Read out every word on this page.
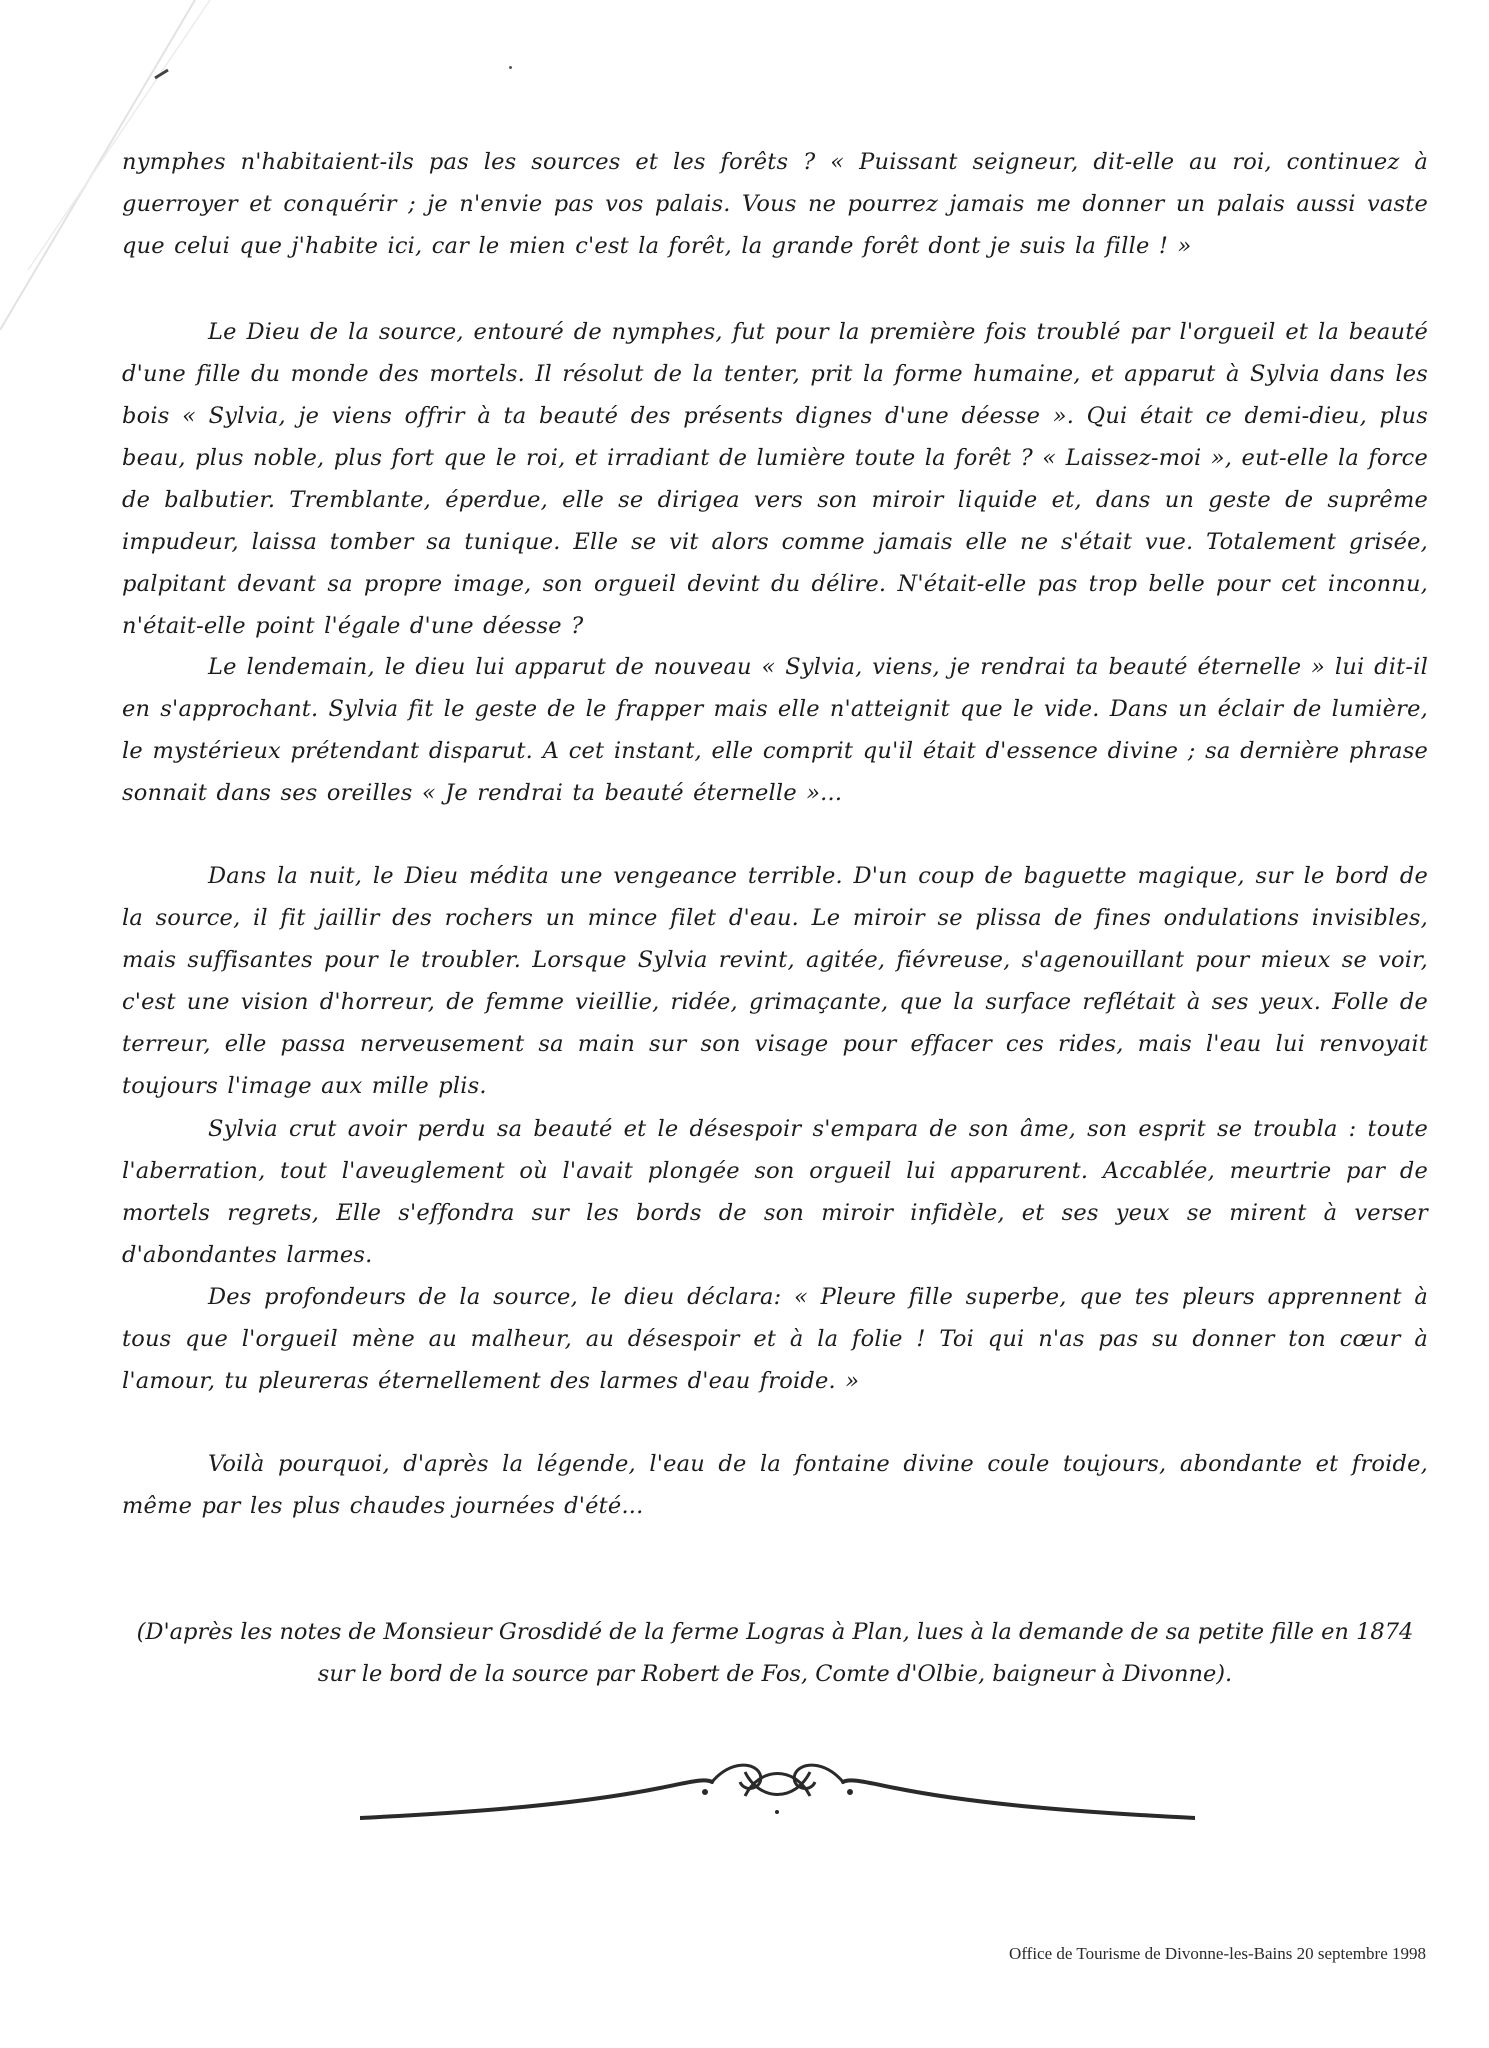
nymphes n'habitaient-ils pas les sources et les forêts ? « Puissant seigneur, dit-elle au roi, continuez à guerroyer et conquérir ; je n'envie pas vos palais. Vous ne pourrez jamais me donner un palais aussi vaste que celui que j'habite ici, car le mien c'est la forêt, la grande forêt dont je suis la fille ! »

Le Dieu de la source, entouré de nymphes, fut pour la première fois troublé par l'orgueil et la beauté d'une fille du monde des mortels. Il résolut de la tenter, prit la forme humaine, et apparut à Sylvia dans les bois « Sylvia, je viens offrir à ta beauté des présents dignes d'une déesse ». Qui était ce demi-dieu, plus beau, plus noble, plus fort que le roi, et irradiant de lumière toute la forêt ? « Laissez-moi », eut-elle la force de balbutier. Tremblante, éperdue, elle se dirigea vers son miroir liquide et, dans un geste de suprême impudeur, laissa tomber sa tunique. Elle se vit alors comme jamais elle ne s'était vue. Totalement grisée, palpitant devant sa propre image, son orgueil devint du délire. N'était-elle pas trop belle pour cet inconnu, n'était-elle point l'égale d'une déesse ?

Le lendemain, le dieu lui apparut de nouveau « Sylvia, viens, je rendrai ta beauté éternelle » lui dit-il en s'approchant. Sylvia fit le geste de le frapper mais elle n'atteignit que le vide. Dans un éclair de lumière, le mystérieux prétendant disparut. A cet instant, elle comprit qu'il était d'essence divine ; sa dernière phrase sonnait dans ses oreilles « Je rendrai ta beauté éternelle »...

Dans la nuit, le Dieu médita une vengeance terrible. D'un coup de baguette magique, sur le bord de la source, il fit jaillir des rochers un mince filet d'eau. Le miroir se plissa de fines ondulations invisibles, mais suffisantes pour le troubler. Lorsque Sylvia revint, agitée, fiévreuse, s'agenouillant pour mieux se voir, c'est une vision d'horreur, de femme vieillie, ridée, grimaçante, que la surface reflétait à ses yeux. Folle de terreur, elle passa nerveusement sa main sur son visage pour effacer ces rides, mais l'eau lui renvoyait toujours l'image aux mille plis.

Sylvia crut avoir perdu sa beauté et le désespoir s'empara de son âme, son esprit se troubla : toute l'aberration, tout l'aveuglement où l'avait plongée son orgueil lui apparurent. Accablée, meurtrie par de mortels regrets, Elle s'effondra sur les bords de son miroir infidèle, et ses yeux se mirent à verser d'abondantes larmes.

Des profondeurs de la source, le dieu déclara: « Pleure fille superbe, que tes pleurs apprennent à tous que l'orgueil mène au malheur, au désespoir et à la folie ! Toi qui n'as pas su donner ton cœur à l'amour, tu pleureras éternellement des larmes d'eau froide. »

Voilà pourquoi, d'après la légende, l'eau de la fontaine divine coule toujours, abondante et froide, même par les plus chaudes journées d'été...

(D'après les notes de Monsieur Grosdidé de la ferme Logras à Plan, lues à la demande de sa petite fille en 1874 sur le bord de la source par Robert de Fos, Comte d'Olbie, baigneur à Divonne).

Office de Tourisme de Divonne-les-Bains 20 septembre 1998
